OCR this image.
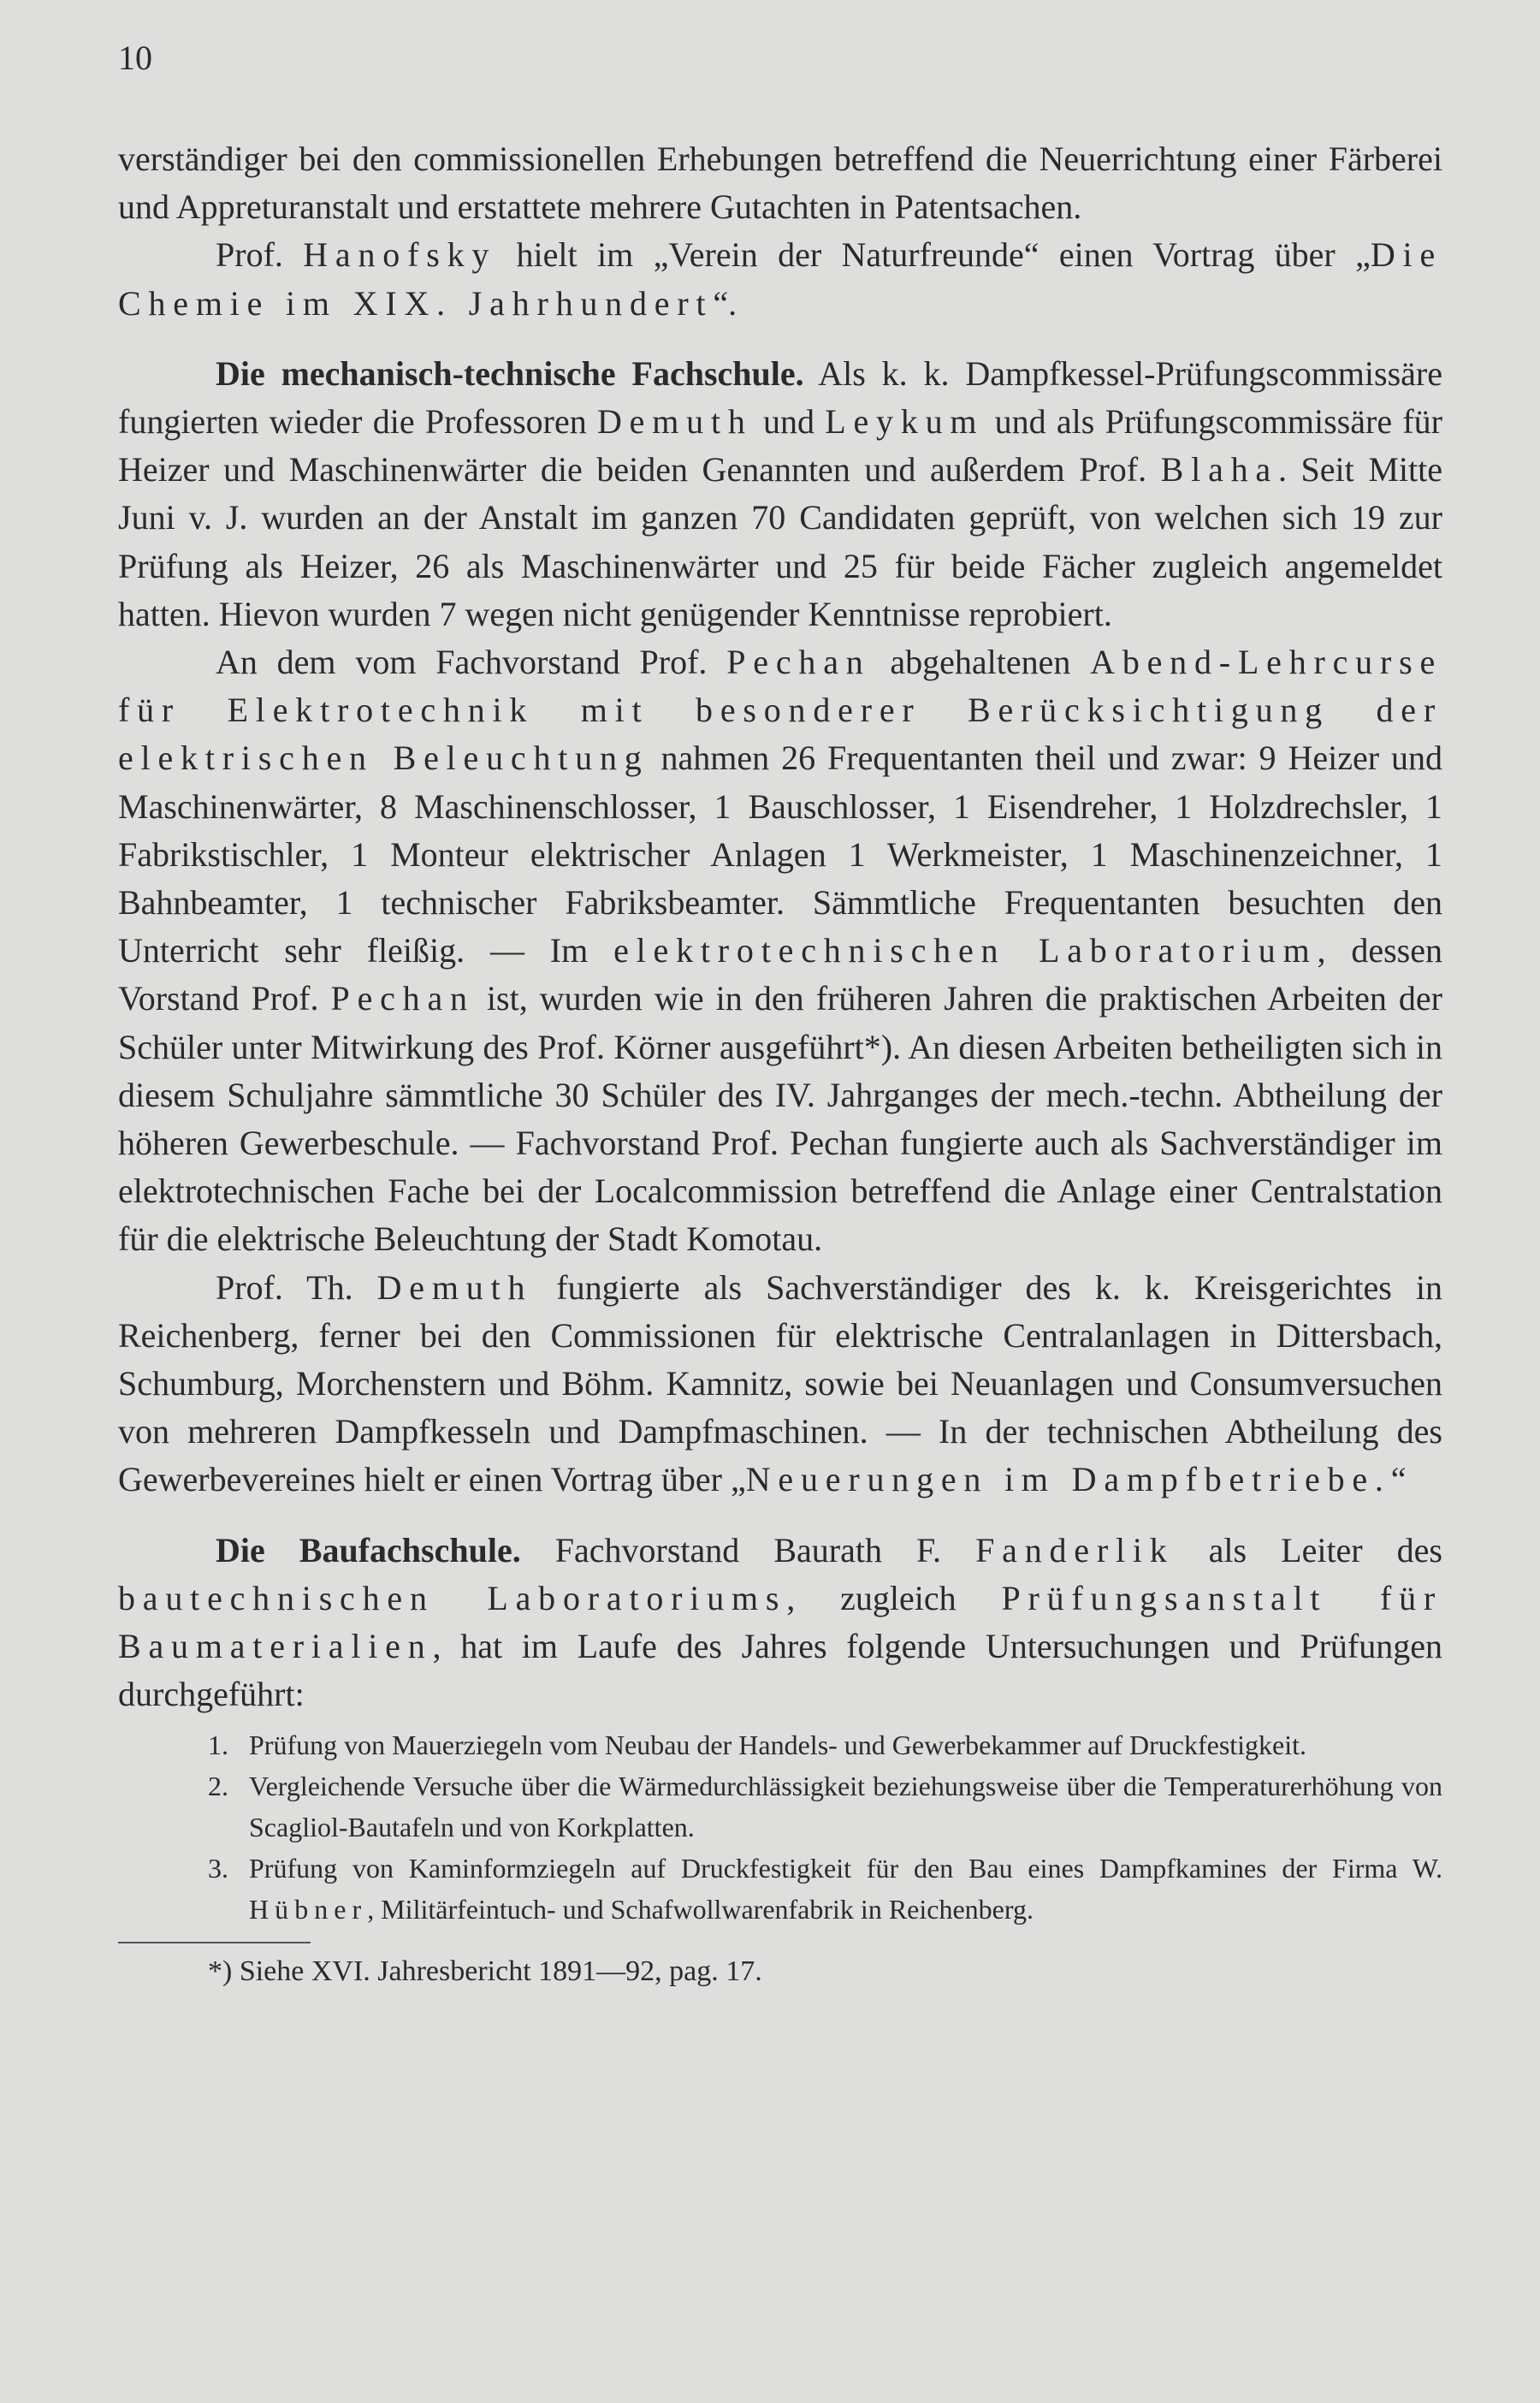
10

verständiger bei den commissionellen Erhebungen betreffend die Neuerrichtung einer Färberei und Appreturanstalt und erstattete mehrere Gutachten in Patentsachen.

Prof. Hanofsky hielt im „Verein der Naturfreunde“ einen Vortrag über „Die Chemie im XIX. Jahrhundert“.

Die mechanisch-technische Fachschule. Als k. k. Dampfkessel-Prüfungscommissäre fungierten wieder die Professoren Demuth und Leykum und als Prüfungscommissäre für Heizer und Maschinenwärter die beiden Genannten und außerdem Prof. Blaha. Seit Mitte Juni v. J. wurden an der Anstalt im ganzen 70 Candidaten geprüft, von welchen sich 19 zur Prüfung als Heizer, 26 als Maschinenwärter und 25 für beide Fächer zugleich angemeldet hatten. Hievon wurden 7 wegen nicht genügender Kenntnisse reprobiert.

An dem vom Fachvorstand Prof. Pechan abgehaltenen Abend-Lehrcurse für Elektrotechnik mit besonderer Berücksichtigung der elektrischen Beleuchtung nahmen 26 Frequentanten theil und zwar: 9 Heizer und Maschinenwärter, 8 Maschinenschlosser, 1 Bauschlosser, 1 Eisendreher, 1 Holzdrechsler, 1 Fabrikstischler, 1 Monteur elektrischer Anlagen 1 Werkmeister, 1 Maschinenzeichner, 1 Bahnbeamter, 1 technischer Fabriksbeamter. Sämmtliche Frequentanten besuchten den Unterricht sehr fleißig. — Im elektrotechnischen Laboratorium, dessen Vorstand Prof. Pechan ist, wurden wie in den früheren Jahren die praktischen Arbeiten der Schüler unter Mitwirkung des Prof. Körner ausgeführt*). An diesen Arbeiten betheiligten sich in diesem Schuljahre sämmtliche 30 Schüler des IV. Jahrganges der mech.-techn. Abtheilung der höheren Gewerbeschule. — Fachvorstand Prof. Pechan fungierte auch als Sachverständiger im elektrotechnischen Fache bei der Localcommission betreffend die Anlage einer Centralstation für die elektrische Beleuchtung der Stadt Komotau.

Prof. Th. Demuth fungierte als Sachverständiger des k. k. Kreisgerichtes in Reichenberg, ferner bei den Commissionen für elektrische Centralanlagen in Dittersbach, Schumburg, Morchenstern und Böhm. Kamnitz, sowie bei Neuanlagen und Consumversuchen von mehreren Dampfkesseln und Dampfmaschinen. — In der technischen Abtheilung des Gewerbevereines hielt er einen Vortrag über „Neuerungen im Dampfbetriebe.“

Die Baufachschule. Fachvorstand Baurath F. Fanderlik als Leiter des bautechnischen Laboratoriums, zugleich Prüfungsanstalt für Baumaterialien, hat im Laufe des Jahres folgende Untersuchungen und Prüfungen durchgeführt:

1. Prüfung von Mauerziegeln vom Neubau der Handels- und Gewerbekammer auf Druckfestigkeit.
2. Vergleichende Versuche über die Wärmedurchlässigkeit beziehungsweise über die Temperaturerhöhung von Scagliol-Bautafeln und von Korkplatten.
3. Prüfung von Kaminformziegeln auf Druckfestigkeit für den Bau eines Dampfkamines der Firma W. Hübner, Militärfeintuch- und Schafwollwarenfabrik in Reichenberg.
*) Siehe XVI. Jahresbericht 1891—92, pag. 17.
